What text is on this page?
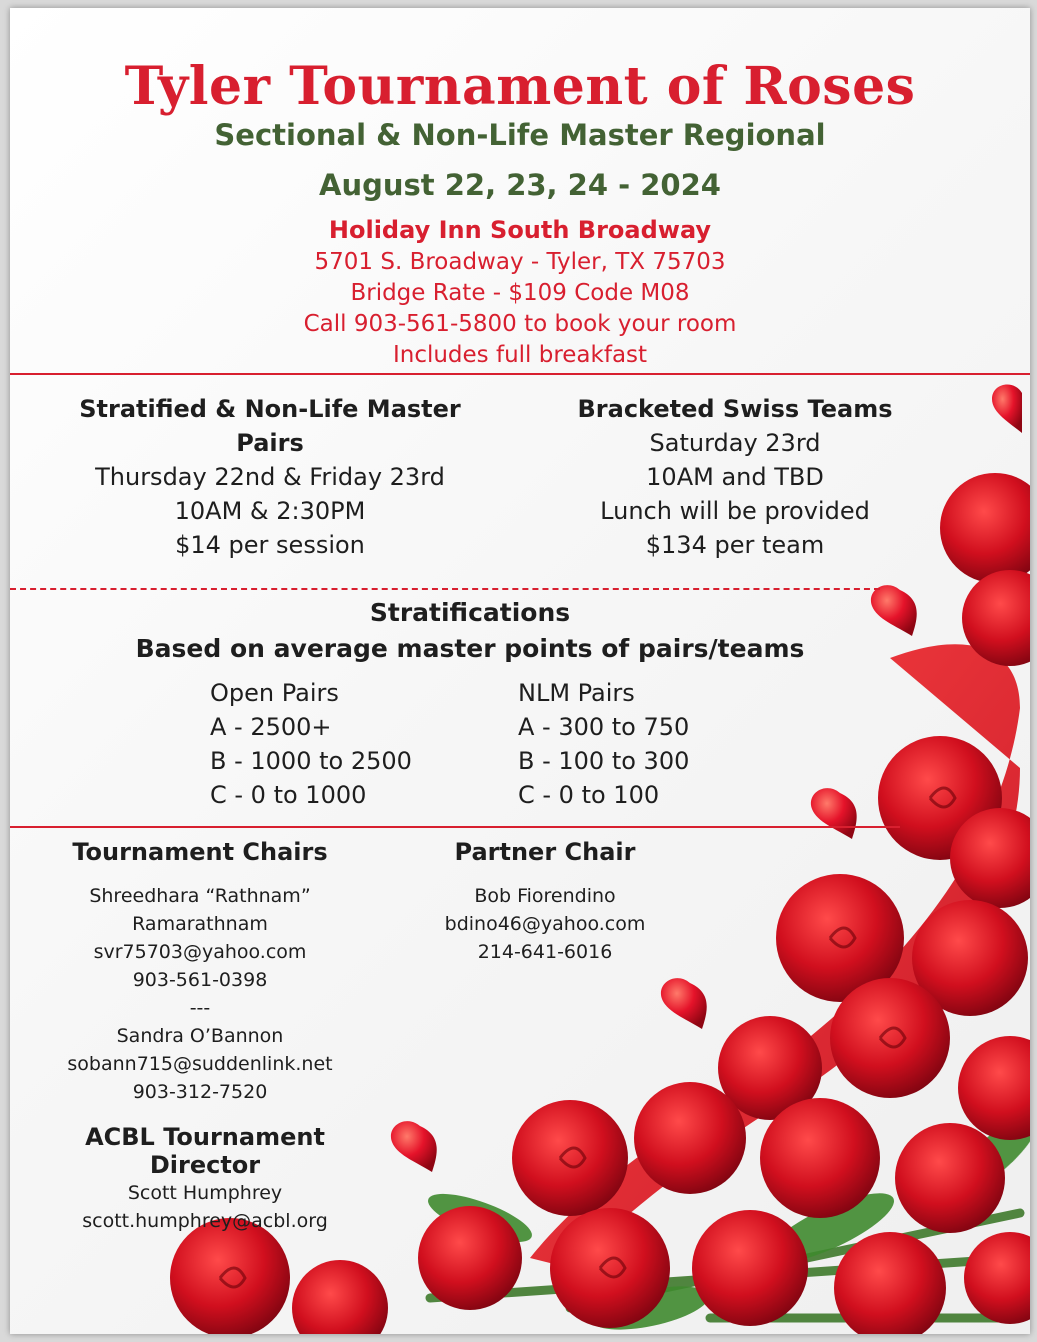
Tyler Tournament of Roses
Sectional & Non-Life Master Regional
August 22, 23, 24 - 2024
Holiday Inn South Broadway
5701 S. Broadway - Tyler, TX 75703
Bridge Rate - $109 Code M08
Call 903-561-5800 to book your room
Includes full breakfast
Stratified & Non-Life Master
Pairs
Thursday 22nd & Friday 23rd
10AM & 2:30PM
$14 per session
Bracketed Swiss Teams
Saturday 23rd
10AM and TBD
Lunch will be provided
$134 per team
Stratifications
Based on average master points of pairs/teams
Open Pairs
A - 2500+
B - 1000 to 2500
C - 0 to 1000
NLM Pairs
A - 300 to 750
B - 100 to 300
C - 0 to 100
Tournament Chairs
Shreedhara “Rathnam”
Ramarathnam
svr75703@yahoo.com
903-561-0398
---
Sandra O’Bannon
sobann715@suddenlink.net
903-312-7520
Partner Chair
Bob Fiorendino
bdino46@yahoo.com
214-641-6016
ACBL Tournament Director
Scott Humphrey
scott.humphrey@acbl.org
